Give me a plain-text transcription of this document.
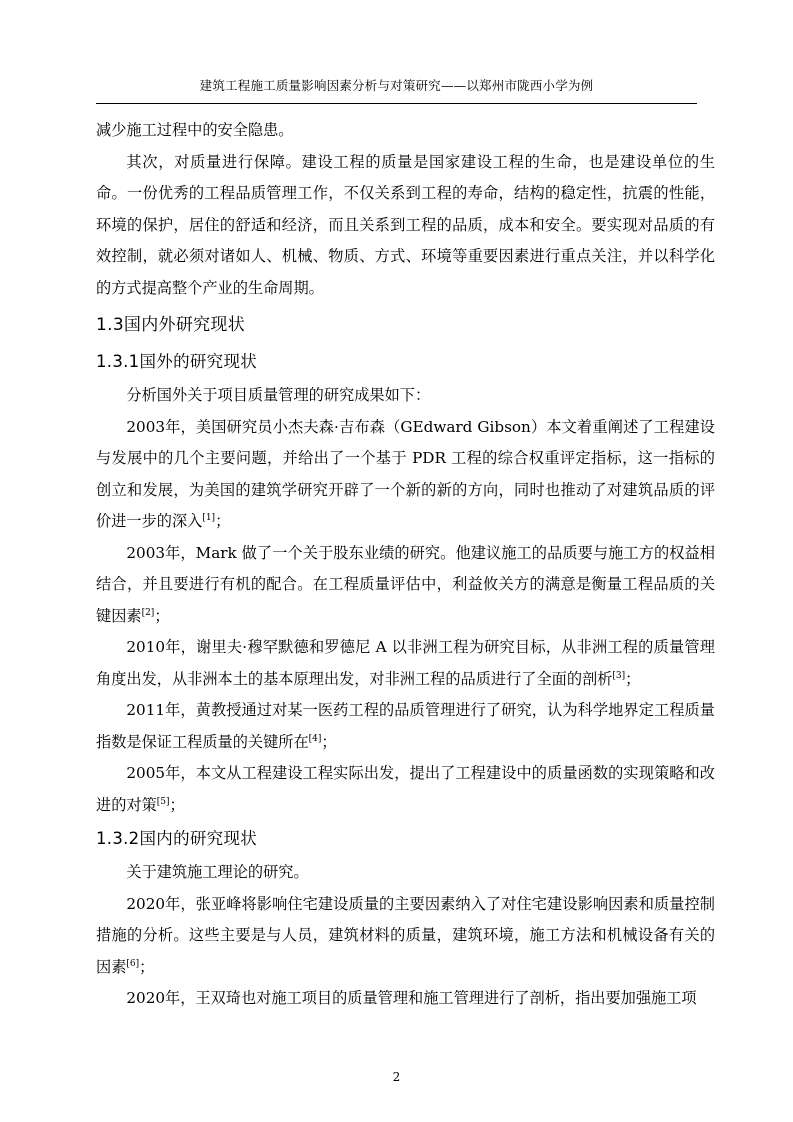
建筑工程施工质量影响因素分析与对策研究——以郑州市陇西小学为例

减少施工过程中的安全隐患。

其次，对质量进行保障。建设工程的质量是国家建设工程的生命，也是建设单位的生命。一份优秀的工程品质管理工作，不仅关系到工程的寿命，结构的稳定性，抗震的性能，环境的保护，居住的舒适和经济，而且关系到工程的品质，成本和安全。要实现对品质的有效控制，就必须对诸如人、机械、物质、方式、环境等重要因素进行重点关注，并以科学化的方式提高整个产业的生命周期。

1.3国内外研究现状
1.3.1国外的研究现状

分析国外关于项目质量管理的研究成果如下：

2003年，美国研究员小杰夫森·吉布森（GEdward Gibson）本文着重阐述了工程建设与发展中的几个主要问题，并给出了一个基于 PDR 工程的综合权重评定指标，这一指标的创立和发展，为美国的建筑学研究开辟了一个新的新的方向，同时也推动了对建筑品质的评价进一步的深入[1]；

2003年，Mark 做了一个关于股东业绩的研究。他建议施工的品质要与施工方的权益相结合，并且要进行有机的配合。在工程质量评估中，利益攸关方的满意是衡量工程品质的关键因素[2]；

2010年，谢里夫·穆罕默德和罗德尼 A 以非洲工程为研究目标，从非洲工程的质量管理角度出发，从非洲本土的基本原理出发，对非洲工程的品质进行了全面的剖析[3]；

2011年，黄教授通过对某一医药工程的品质管理进行了研究，认为科学地界定工程质量指数是保证工程质量的关键所在[4]；

2005年，本文从工程建设工程实际出发，提出了工程建设中的质量函数的实现策略和改进的对策[5]；

1.3.2国内的研究现状

关于建筑施工理论的研究。

2020年，张亚峰将影响住宅建设质量的主要因素纳入了对住宅建设影响因素和质量控制措施的分析。这些主要是与人员，建筑材料的质量，建筑环境，施工方法和机械设备有关的因素[6]；

2020年，王双琦也对施工项目的质量管理和施工管理进行了剖析，指出要加强施工项

2
